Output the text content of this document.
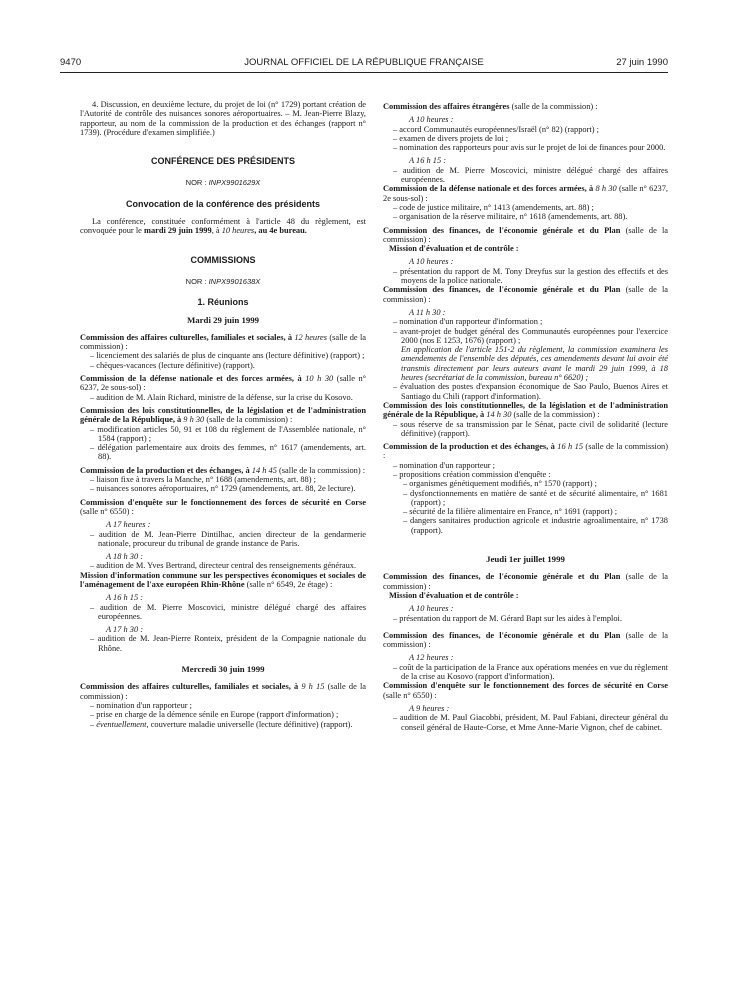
9470	JOURNAL OFFICIEL DE LA RÉPUBLIQUE FRANÇAISE	27 juin 1990

4. Discussion, en deuxième lecture, du projet de loi (n° 1729) portant création de l'Autorité de contrôle des nuisances sonores aéroportuaires. – M. Jean-Pierre Blazy, rapporteur, au nom de la commission de la production et des échanges (rapport n° 1739). (Procédure d'examen simplifiée.)

CONFÉRENCE DES PRÉSIDENTS
NOR : INPX9901629X
Convocation de la conférence des présidents

La conférence, constituée conformément à l'article 48 du règlement, est convoquée pour le mardi 29 juin 1999, à 10 heures, au 4e bureau.

COMMISSIONS
NOR : INPX9901638X
1. Réunions
Mardi 29 juin 1999
Commission des affaires culturelles, familiales et sociales, à 12 heures (salle de la commission) :
– licenciement des salariés de plus de cinquante ans (lecture définitive) (rapport) ;
– chèques-vacances (lecture définitive) (rapport).
Commission de la défense nationale et des forces armées, à 10 h 30 (salle n° 6237, 2e sous-sol) :
– audition de M. Alain Richard, ministre de la défense, sur la crise du Kosovo.
Commission des lois constitutionnelles, de la législation et de l'administration générale de la République, à 9 h 30 (salle de la commission) :
– modification articles 50, 91 et 108 du règlement de l'Assemblée nationale, n° 1584 (rapport) ;
– délégation parlementaire aux droits des femmes, n° 1617 (amendements, art. 88).
Commission de la production et des échanges, à 14 h 45 (salle de la commission) :
– liaison fixe à travers la Manche, n° 1688 (amendements, art. 88) ;
– nuisances sonores aéroportuaires, n° 1729 (amendements, art. 88, 2e lecture).
Commission d'enquête sur le fonctionnement des forces de sécurité en Corse (salle n° 6550) :
A 17 heures :
– audition de M. Jean-Pierre Dintilhac, ancien directeur de la gendarmerie nationale, procureur du tribunal de grande instance de Paris.
A 18 h 30 :
– audition de M. Yves Bertrand, directeur central des renseignements généraux.
Mission d'information commune sur les perspectives économiques et sociales de l'aménagement de l'axe européen Rhin-Rhône (salle n° 6549, 2e étage) :
A 16 h 15 :
– audition de M. Pierre Moscovici, ministre délégué chargé des affaires européennes.
A 17 h 30 :
– audition de M. Jean-Pierre Ronteix, président de la Compagnie nationale du Rhône.
Mercredi 30 juin 1999
Commission des affaires culturelles, familiales et sociales, à 9 h 15 (salle de la commission) :
– nomination d'un rapporteur ;
– prise en charge de la démence sénile en Europe (rapport d'information) ;
– éventuellement, couverture maladie universelle (lecture définitive) (rapport).
Commission des affaires étrangères (salle de la commission) :
A 10 heures :
– accord Communautés européennes/Israël (n° 82) (rapport) ;
– examen de divers projets de loi ;
– nomination des rapporteurs pour avis sur le projet de loi de finances pour 2000.
A 16 h 15 :
– audition de M. Pierre Moscovici, ministre délégué chargé des affaires européennes.
Commission de la défense nationale et des forces armées, à 8 h 30 (salle n° 6237, 2e sous-sol) :
– code de justice militaire, n° 1413 (amendements, art. 88) ;
– organisation de la réserve militaire, n° 1618 (amendements, art. 88).
Commission des finances, de l'économie générale et du Plan (salle de la commission) :
Mission d'évaluation et de contrôle :
A 10 heures :
– présentation du rapport de M. Tony Dreyfus sur la gestion des effectifs et des moyens de la police nationale.
Commission des finances, de l'économie générale et du Plan (salle de la commission) :
A 11 h 30 :
– nomination d'un rapporteur d'information ;
– avant-projet de budget général des Communautés européennes pour l'exercice 2000 (nos E 1253, 1676) (rapport) ;
En application de l'article 151-2 du règlement, la commission examinera les amendements de l'ensemble des députés, ces amendements devant lui avoir été transmis directement par leurs auteurs avant le mardi 29 juin 1999, à 18 heures (secrétariat de la commission, bureau n° 6620) ;
– évaluation des postes d'expansion économique de Sao Paulo, Buenos Aires et Santiago du Chili (rapport d'information).
Commission des lois constitutionnelles, de la législation et de l'administration générale de la République, à 14 h 30 (salle de la commission) :
– sous réserve de sa transmission par le Sénat, pacte civil de solidarité (lecture définitive) (rapport).
Commission de la production et des échanges, à 16 h 15 (salle de la commission) :
– nomination d'un rapporteur ;
– propositions création commission d'enquête :
– organismes génétiquement modifiés, n° 1570 (rapport) ;
– dysfonctionnements en matière de santé et de sécurité alimentaire, n° 1681 (rapport) ;
– sécurité de la filière alimentaire en France, n° 1691 (rapport) ;
– dangers sanitaires production agricole et industrie agroalimentaire, n° 1738 (rapport).
Jeudi 1er juillet 1999
Commission des finances, de l'économie générale et du Plan (salle de la commission) :
Mission d'évaluation et de contrôle :
A 10 heures :
– présentation du rapport de M. Gérard Bapt sur les aides à l'emploi.
Commission des finances, de l'économie générale et du Plan (salle de la commission) :
A 12 heures :
– coût de la participation de la France aux opérations menées en vue du règlement de la crise au Kosovo (rapport d'information).
Commission d'enquête sur le fonctionnement des forces de sécurité en Corse (salle n° 6550) :
A 9 heures :
– audition de M. Paul Giacobbi, président, M. Paul Fabiani, directeur général du conseil général de Haute-Corse, et Mme Anne-Marie Vignon, chef de cabinet.
